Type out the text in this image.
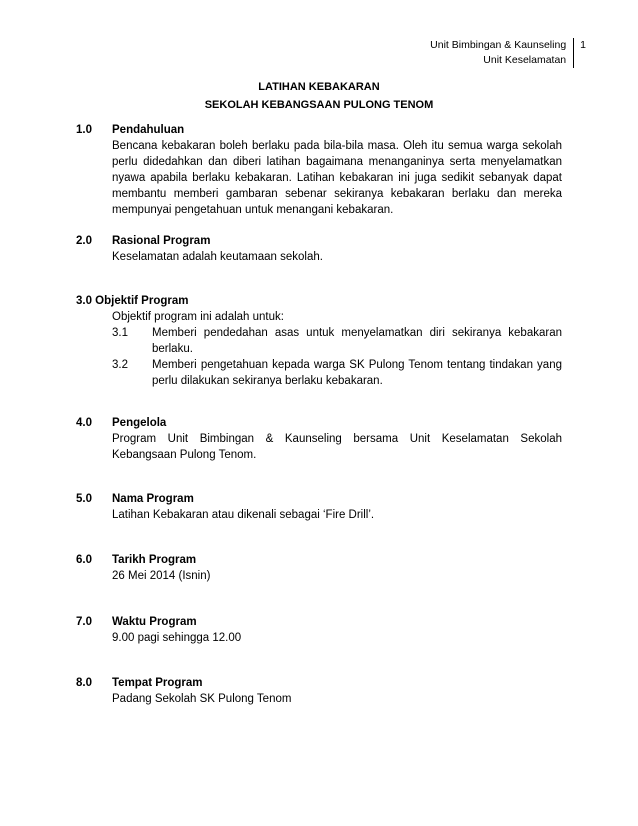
Unit Bimbingan & Kaunseling
Unit Keselamatan
1
LATIHAN KEBAKARAN
SEKOLAH KEBANGSAAN PULONG TENOM
1.0 Pendahuluan
Bencana kebakaran boleh berlaku pada bila-bila masa. Oleh itu semua warga sekolah perlu didedahkan dan diberi latihan bagaimana menanganinya serta menyelamatkan nyawa apabila berlaku kebakaran. Latihan kebakaran ini juga sedikit sebanyak dapat membantu memberi gambaran sebenar sekiranya kebakaran berlaku dan mereka mempunyai pengetahuan untuk menangani kebakaran.
2.0 Rasional Program
Keselamatan adalah keutamaan sekolah.
3.0 Objektif Program
Objektif program ini adalah untuk:
3.1 Memberi pendedahan asas untuk menyelamatkan diri sekiranya kebakaran berlaku.
3.2 Memberi pengetahuan kepada warga SK Pulong Tenom tentang tindakan yang perlu dilakukan sekiranya berlaku kebakaran.
4.0 Pengelola
Program Unit Bimbingan & Kaunseling bersama Unit Keselamatan Sekolah Kebangsaan Pulong Tenom.
5.0 Nama Program
Latihan Kebakaran atau dikenali sebagai ‘Fire Drill’.
6.0 Tarikh Program
26 Mei 2014 (Isnin)
7.0 Waktu Program
9.00 pagi sehingga 12.00
8.0 Tempat Program
Padang Sekolah SK Pulong Tenom
